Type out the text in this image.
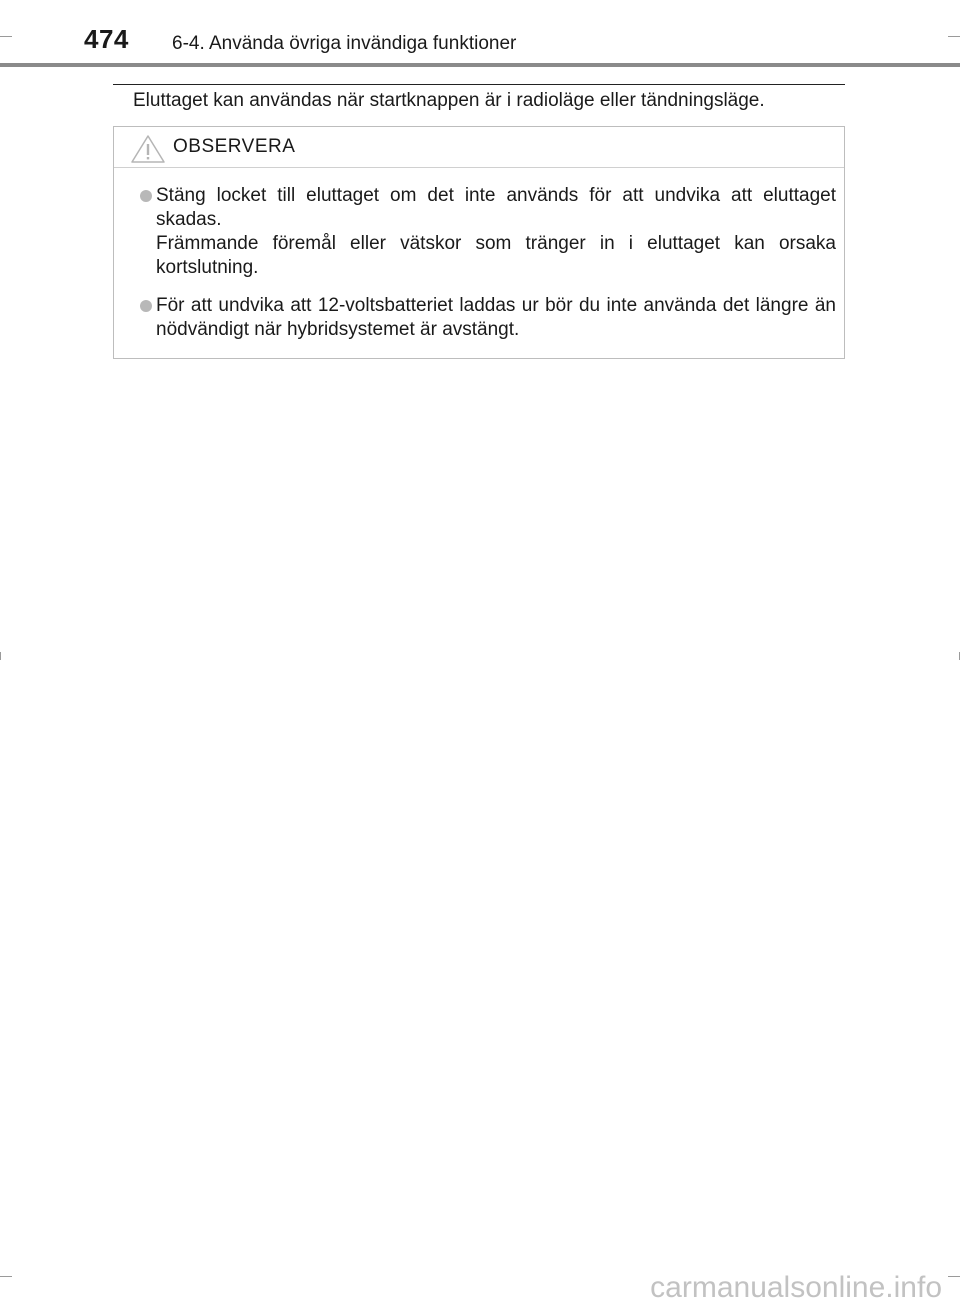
474 6-4. Använda övriga invändiga funktioner
Eluttaget kan användas när startknappen är i radioläge eller tändningsläge.
OBSERVERA
Stäng locket till eluttaget om det inte används för att undvika att eluttaget skadas.
Främmande föremål eller vätskor som tränger in i eluttaget kan orsaka kortslutning.
För att undvika att 12-voltsbatteriet laddas ur bör du inte använda det längre än nödvändigt när hybridsystemet är avstängt.
carmanualsonline.info
